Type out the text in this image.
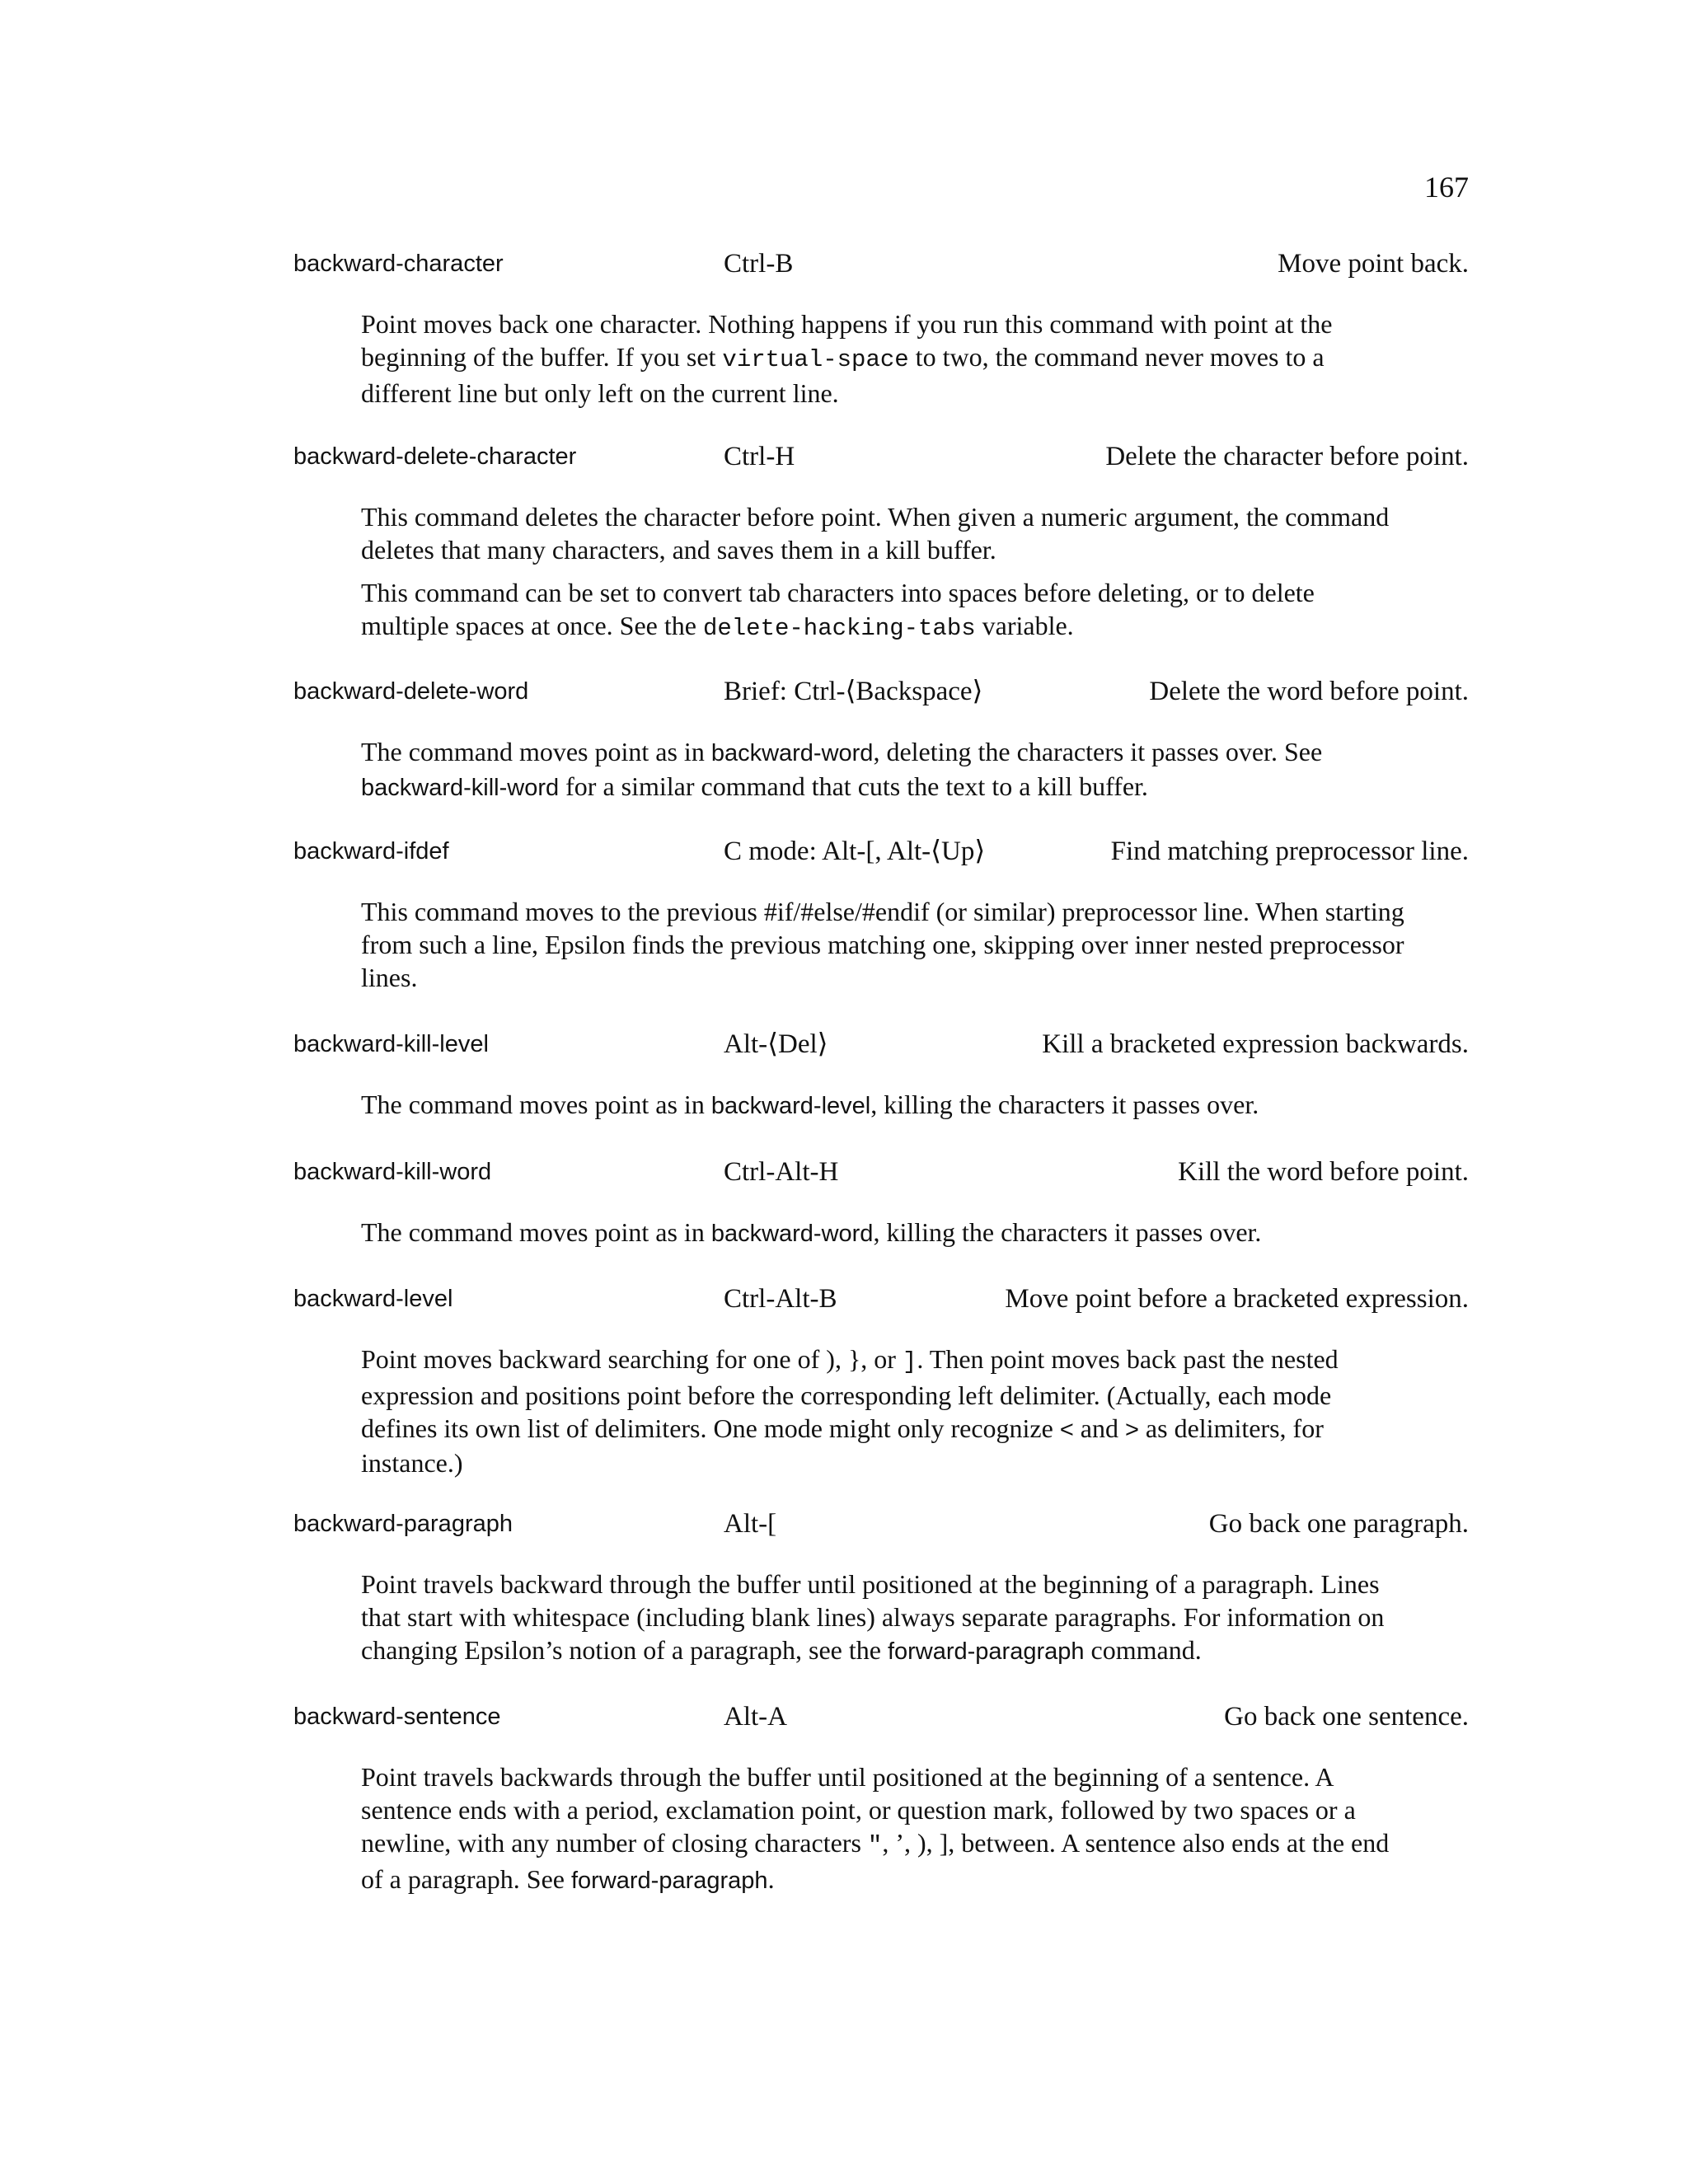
167
backward-character	Ctrl-B	Move point back.

Point moves back one character. Nothing happens if you run this command with point at the beginning of the buffer. If you set virtual-space to two, the command never moves to a different line but only left on the current line.

backward-delete-character	Ctrl-H	Delete the character before point.

This command deletes the character before point. When given a numeric argument, the command deletes that many characters, and saves them in a kill buffer.

This command can be set to convert tab characters into spaces before deleting, or to delete multiple spaces at once. See the delete-hacking-tabs variable.

backward-delete-word	Brief: Ctrl-⟨Backspace⟩	Delete the word before point.

The command moves point as in backward-word, deleting the characters it passes over. See backward-kill-word for a similar command that cuts the text to a kill buffer.

backward-ifdef	C mode: Alt-[, Alt-⟨Up⟩	Find matching preprocessor line.

This command moves to the previous #if/#else/#endif (or similar) preprocessor line. When starting from such a line, Epsilon finds the previous matching one, skipping over inner nested preprocessor lines.

backward-kill-level	Alt-⟨Del⟩	Kill a bracketed expression backwards.

The command moves point as in backward-level, killing the characters it passes over.

backward-kill-word	Ctrl-Alt-H	Kill the word before point.

The command moves point as in backward-word, killing the characters it passes over.

backward-level	Ctrl-Alt-B	Move point before a bracketed expression.

Point moves backward searching for one of ), }, or ]. Then point moves back past the nested expression and positions point before the corresponding left delimiter. (Actually, each mode defines its own list of delimiters. One mode might only recognize < and > as delimiters, for instance.)

backward-paragraph	Alt-[	Go back one paragraph.

Point travels backward through the buffer until positioned at the beginning of a paragraph. Lines that start with whitespace (including blank lines) always separate paragraphs. For information on changing Epsilon’s notion of a paragraph, see the forward-paragraph command.

backward-sentence	Alt-A	Go back one sentence.

Point travels backwards through the buffer until positioned at the beginning of a sentence. A sentence ends with a period, exclamation point, or question mark, followed by two spaces or a newline, with any number of closing characters ", ’, ), ], between. A sentence also ends at the end of a paragraph. See forward-paragraph.
